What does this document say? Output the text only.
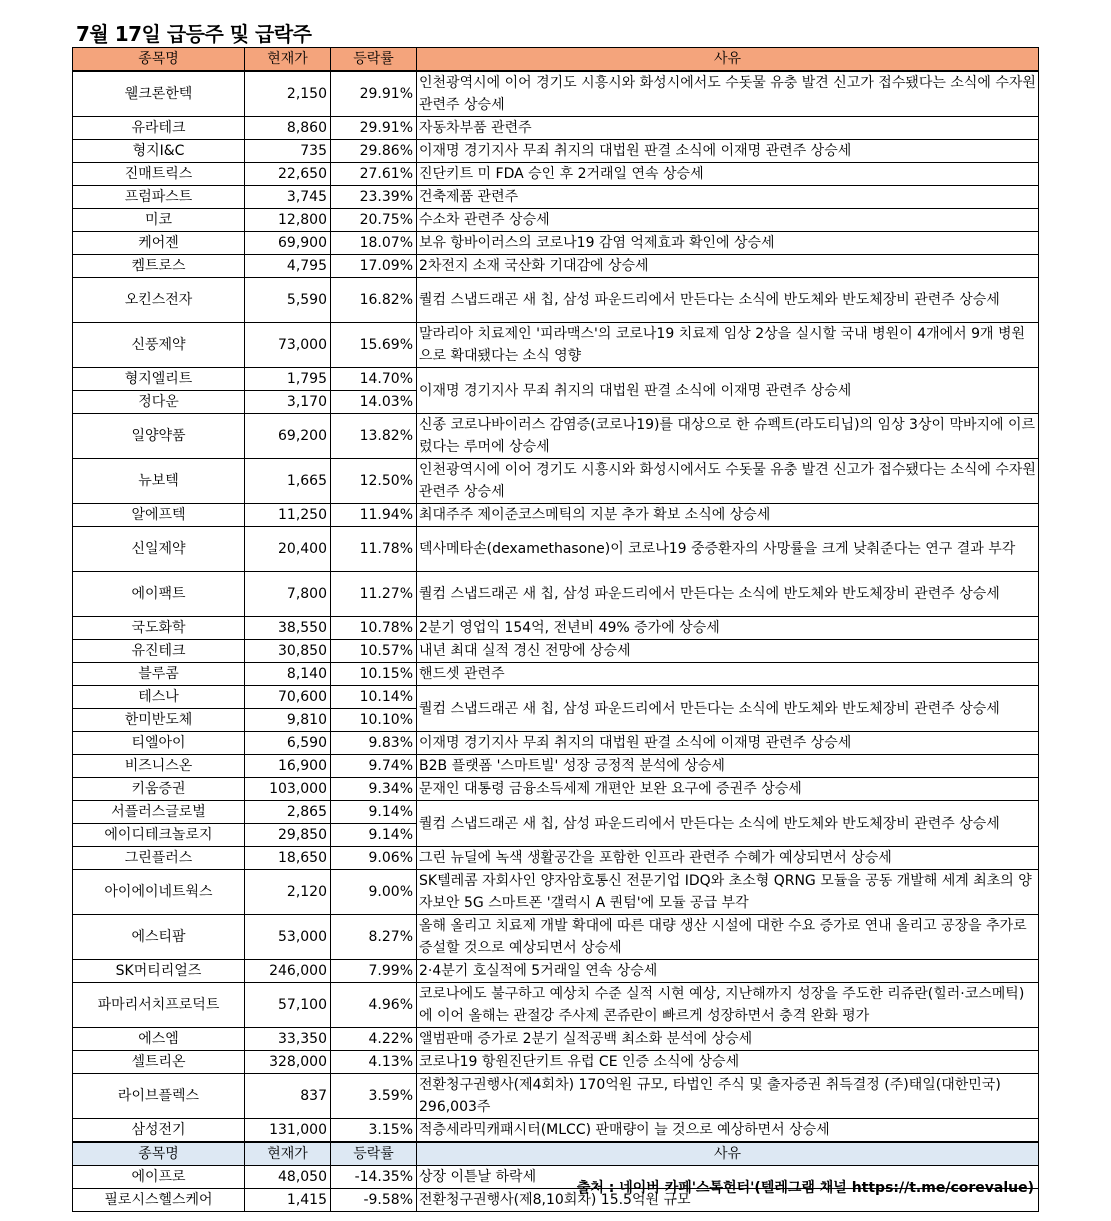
7월 17일 급등주 및 급락주
종목명	현재가	등락률	사유
웰크론한텍	2,150	29.91%	인천광역시에 이어 경기도 시흥시와 화성시에서도 수돗물 유충 발견 신고가 접수됐다는 소식에 수자원 관련주 상승세
유라테크	8,860	29.91%	자동차부품 관련주
형지I&C	735	29.86%	이재명 경기지사 무죄 취지의 대법원 판결 소식에 이재명 관련주 상승세
진매트릭스	22,650	27.61%	진단키트 미 FDA 승인 후 2거래일 연속 상승세
프럼파스트	3,745	23.39%	건축제품 관련주
미코	12,800	20.75%	수소차 관련주 상승세
케어젠	69,900	18.07%	보유 항바이러스의 코로나19 감염 억제효과 확인에 상승세
켐트로스	4,795	17.09%	2차전지 소재 국산화 기대감에 상승세
오킨스전자	5,590	16.82%	퀄컴 스냅드래곤 새 칩, 삼성 파운드리에서 만든다는 소식에 반도체와 반도체장비 관련주 상승세
신풍제약	73,000	15.69%	말라리아 치료제인 '피라맥스'의 코로나19 치료제 임상 2상을 실시할 국내 병원이 4개에서 9개 병원으로 확대됐다는 소식 영향
형지엘리트	1,795	14.70%	이재명 경기지사 무죄 취지의 대법원 판결 소식에 이재명 관련주 상승세
정다운	3,170	14.03%	
일양약품	69,200	13.82%	신종 코로나바이러스 감염증(코로나19)를 대상으로 한 슈펙트(라도티닙)의 임상 3상이 막바지에 이르렀다는 루머에 상승세
뉴보텍	1,665	12.50%	인천광역시에 이어 경기도 시흥시와 화성시에서도 수돗물 유충 발견 신고가 접수됐다는 소식에 수자원 관련주 상승세
알에프텍	11,250	11.94%	최대주주 제이준코스메틱의 지분 추가 확보 소식에 상승세
신일제약	20,400	11.78%	덱사메타손(dexamethasone)이 코로나19 중증환자의 사망률을 크게 낮춰준다는 연구 결과 부각
에이팩트	7,800	11.27%	퀄컴 스냅드래곤 새 칩, 삼성 파운드리에서 만든다는 소식에 반도체와 반도체장비 관련주 상승세
국도화학	38,550	10.78%	2분기 영업익 154억, 전년비 49% 증가에 상승세
유진테크	30,850	10.57%	내년 최대 실적 경신 전망에 상승세
블루콤	8,140	10.15%	핸드셋 관련주
테스나	70,600	10.14%	퀄컴 스냅드래곤 새 칩, 삼성 파운드리에서 만든다는 소식에 반도체와 반도체장비 관련주 상승세
한미반도체	9,810	10.10%	
티엘아이	6,590	9.83%	이재명 경기지사 무죄 취지의 대법원 판결 소식에 이재명 관련주 상승세
비즈니스온	16,900	9.74%	B2B 플랫폼 '스마트빌' 성장 긍정적 분석에 상승세
키움증권	103,000	9.34%	문재인 대통령 금융소득세제 개편안 보완 요구에 증권주 상승세
서플러스글로벌	2,865	9.14%	퀄컴 스냅드래곤 새 칩, 삼성 파운드리에서 만든다는 소식에 반도체와 반도체장비 관련주 상승세
에이디테크놀로지	29,850	9.14%	
그린플러스	18,650	9.06%	그린 뉴딜에 녹색 생활공간을 포함한 인프라 관련주 수혜가 예상되면서 상승세
아이에이네트웍스	2,120	9.00%	SK텔레콤 자회사인 양자암호통신 전문기업 IDQ와 초소형 QRNG 모듈을 공동 개발해 세계 최초의 양자보안 5G 스마트폰 '갤럭시 A 퀀텀'에 모듈 공급 부각
에스티팜	53,000	8.27%	올해 올리고 치료제 개발 확대에 따른 대량 생산 시설에 대한 수요 증가로 연내 올리고 공장을 추가로 증설할 것으로 예상되면서 상승세
SK머티리얼즈	246,000	7.99%	2·4분기 호실적에 5거래일 연속 상승세
파마리서치프로덕트	57,100	4.96%	코로나에도 불구하고 예상치 수준 실적 시현 예상, 지난해까지 성장을 주도한 리쥬란(힐러·코스메틱)에 이어 올해는 관절강 주사제 콘쥬란이 빠르게 성장하면서 충격 완화 평가
에스엠	33,350	4.22%	앨범판매 증가로 2분기 실적공백 최소화 분석에 상승세
셀트리온	328,000	4.13%	코로나19 항원진단키트 유럽 CE 인증 소식에 상승세
라이브플렉스	837	3.59%	전환청구권행사(제4회차) 170억원 규모, 타법인 주식 및 출자증권 취득결정 (주)태일(대한민국) 296,003주
삼성전기	131,000	3.15%	적층세라믹캐패시터(MLCC) 판매량이 늘 것으로 예상하면서 상승세
종목명	현재가	등락률	사유
에이프로	48,050	-14.35%	상장 이튿날 하락세
필로시스헬스케어	1,415	-9.58%	전환청구권행사(제8,10회차) 15.5억원 규모
출처 : 네이버 카페'스톡헌터'(텔레그램 채널 https://t.me/corevalue)
